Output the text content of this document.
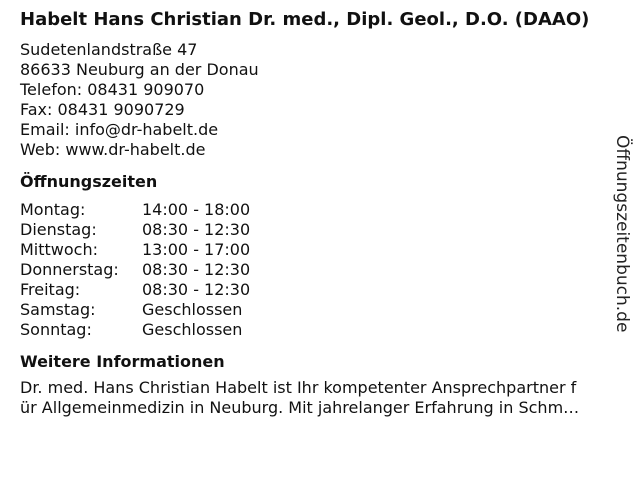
Habelt Hans Christian Dr. med., Dipl. Geol., D.O. (DAAO)
Sudetenlandstraße 47
86633 Neuburg an der Donau
Telefon: 08431 909070
Fax: 08431 9090729
Email: info@dr-habelt.de
Web: www.dr-habelt.de
Öffnungszeiten
Montag:	14:00 - 18:00
Dienstag:	08:30 - 12:30
Mittwoch:	13:00 - 17:00
Donnerstag:	08:30 - 12:30
Freitag:	08:30 - 12:30
Samstag:	Geschlossen
Sonntag:	Geschlossen
Weitere Informationen
Dr. med. Hans Christian Habelt ist Ihr kompetenter Ansprechpartner f
ür Allgemeinmedizin in Neuburg. Mit jahrelanger Erfahrung in Schm…
Öffnungszeitenbuch.de
